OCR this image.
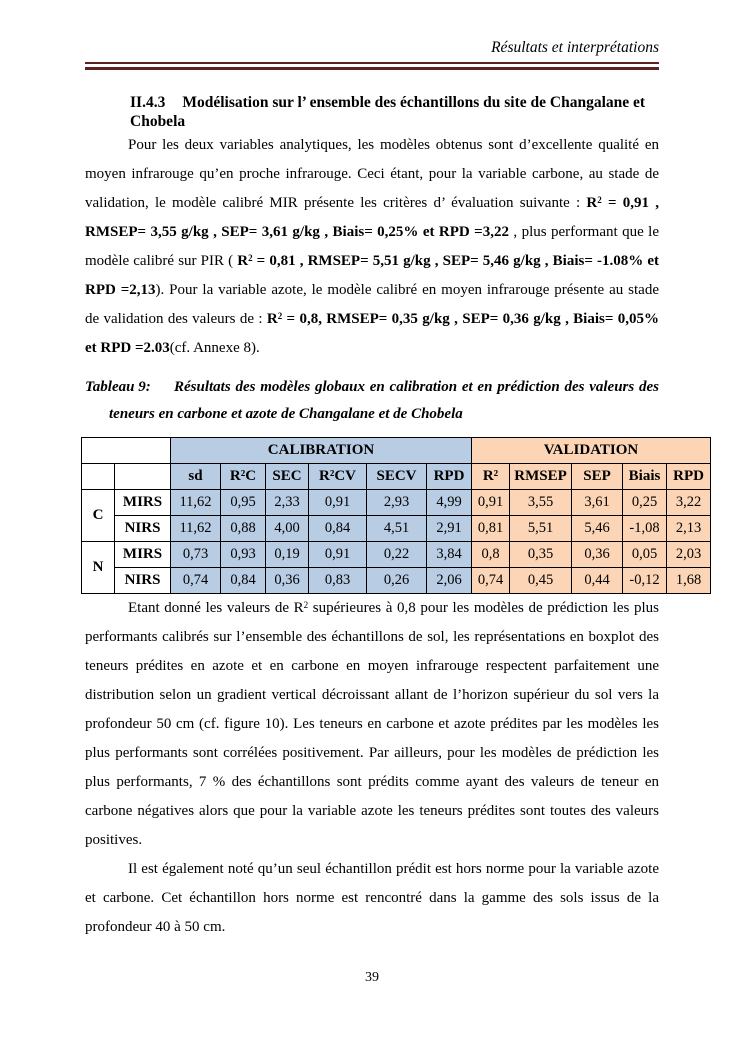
Résultats et interprétations
II.4.3 Modélisation sur l’ ensemble des échantillons du site de Changalane et Chobela

Pour les deux variables analytiques, les modèles obtenus sont d’excellente qualité en moyen infrarouge qu’en proche infrarouge. Ceci étant, pour la variable carbone, au stade de validation, le modèle calibré MIR présente les critères d’ évaluation suivante : $R^2 = 0,91$ , RMSEP= 3,55 g/kg , SEP= 3,61 g/kg , Biais= 0,25% et RPD =3,22 , plus performant que le modèle calibré sur PIR ( $R^2 = 0,81$ , RMSEP= 5,51 g/kg , SEP= 5,46 g/kg , Biais= -1.08% et RPD =2,13). Pour la variable azote, le modèle calibré en moyen infrarouge présente au stade de validation des valeurs de : $R^2 = 0,8$, RMSEP= 0,35 g/kg , SEP= 0,36 g/kg , Biais= 0,05% et RPD =2.03(cf. Annexe 8).

Tableau 9: Résultats des modèles globaux en calibration et en prédiction des valeurs des teneurs en carbone et azote de Changalane et de Chobela
		CALIBRATION						VALIDATION				
		sd	R²C	SEC	R²CV	SECV	RPD	R²	RMSEP	SEP	Biais	RPD
C	MIRS	11,62	0,95	2,33	0,91	2,93	4,99	0,91	3,55	3,61	0,25	3,22
	NIRS	11,62	0,88	4,00	0,84	4,51	2,91	0,81	5,51	5,46	-1,08	2,13
N	MIRS	0,73	0,93	0,19	0,91	0,22	3,84	0,8	0,35	0,36	0,05	2,03
	NIRS	0,74	0,84	0,36	0,83	0,26	2,06	0,74	0,45	0,44	-0,12	1,68

Etant donné les valeurs de $R^2$ supérieures à 0,8 pour les modèles de prédiction les plus performants calibrés sur l’ensemble des échantillons de sol, les représentations en boxplot des teneurs prédites en azote et en carbone en moyen infrarouge respectent parfaitement une distribution selon un gradient vertical décroissant allant de l’horizon supérieur du sol vers la profondeur 50 cm (cf. figure 10). Les teneurs en carbone et azote prédites par les modèles les plus performants sont corrélées positivement. Par ailleurs, pour les modèles de prédiction les plus performants, 7 % des échantillons sont prédits comme ayant des valeurs de teneur en carbone négatives alors que pour la variable azote les teneurs prédites sont toutes des valeurs positives.

Il est également noté qu’un seul échantillon prédit est hors norme pour la variable azote et carbone. Cet échantillon hors norme est rencontré dans la gamme des sols issus de la profondeur 40 à 50 cm.

39
